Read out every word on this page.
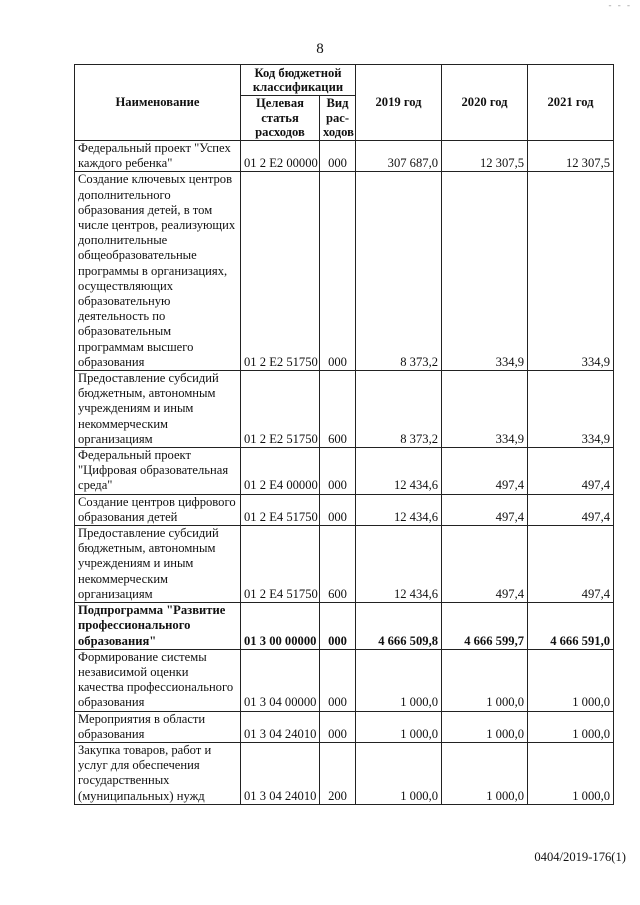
- - -
8
Наименование	Код бюджетной классификации		2019 год	2020 год	2021 год
	Целевая статья расходов	Вид рас-ходов			
Федеральный проект "Успех каждого ребенка"	01 2 Е2 00000	000	307 687,0	12 307,5	12 307,5
Создание ключевых центров дополнительного образования детей, в том числе центров, реализующих дополнительные общеобразовательные программы в организациях, осуществляющих образовательную деятельность по образовательным программам высшего образования	01 2 Е2 51750	000	8 373,2	334,9	334,9
Предоставление субсидий бюджетным, автономным учреждениям и иным некоммерческим организациям	01 2 Е2 51750	600	8 373,2	334,9	334,9
Федеральный проект "Цифровая образовательная среда"	01 2 Е4 00000	000	12 434,6	497,4	497,4
Создание центров цифрового образования детей	01 2 Е4 51750	000	12 434,6	497,4	497,4
Предоставление субсидий бюджетным, автономным учреждениям и иным некоммерческим организациям	01 2 Е4 51750	600	12 434,6	497,4	497,4
Подпрограмма "Развитие профессионального образования"	01 3 00 00000	000	4 666 509,8	4 666 599,7	4 666 591,0
Формирование системы независимой оценки качества профессионального образования	01 3 04 00000	000	1 000,0	1 000,0	1 000,0
Мероприятия в области образования	01 3 04 24010	000	1 000,0	1 000,0	1 000,0
Закупка товаров, работ и услуг для обеспечения государственных (муниципальных) нужд	01 3 04 24010	200	1 000,0	1 000,0	1 000,0
0404/2019-176(1)
